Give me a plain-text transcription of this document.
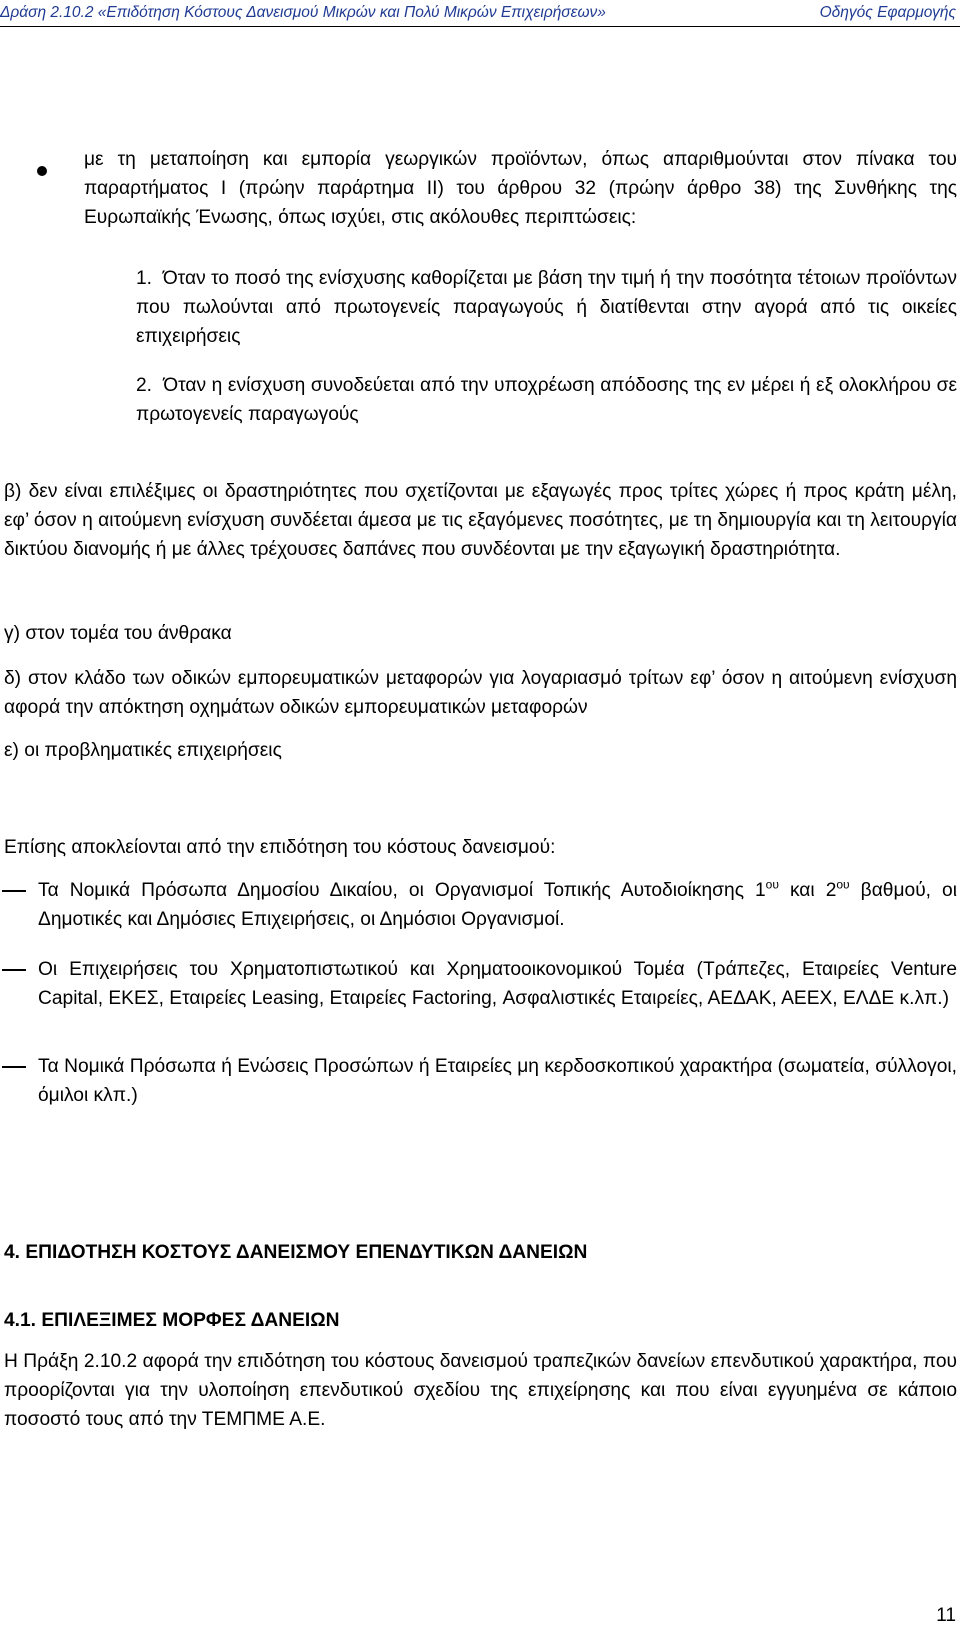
Δράση 2.10.2 «Επιδότηση Κόστους Δανεισμού Μικρών και Πολύ Μικρών Επιχειρήσεων»	Οδηγός Εφαρμογής

με τη μεταποίηση και εμπορία γεωργικών προϊόντων, όπως απαριθμούνται στον πίνακα του παραρτήματος Ι (πρώην παράρτημα ΙΙ) του άρθρου 32 (πρώην άρθρο 38) της Συνθήκης της Ευρωπαϊκής Ένωσης, όπως ισχύει, στις ακόλουθες περιπτώσεις:

1. Όταν το ποσό της ενίσχυσης καθορίζεται με βάση την τιμή ή την ποσότητα τέτοιων προϊόντων που πωλούνται από πρωτογενείς παραγωγούς ή διατίθενται στην αγορά από τις οικείες επιχειρήσεις

2. Όταν η ενίσχυση συνοδεύεται από την υποχρέωση απόδοσης της εν μέρει ή εξ ολοκλήρου σε πρωτογενείς παραγωγούς

β) δεν είναι επιλέξιμες οι δραστηριότητες που σχετίζονται με εξαγωγές προς τρίτες χώρες ή προς κράτη μέλη, εφ’ όσον η αιτούμενη ενίσχυση συνδέεται άμεσα με τις εξαγόμενες ποσότητες, με τη δημιουργία και τη λειτουργία δικτύου διανομής ή με άλλες τρέχουσες δαπάνες που συνδέονται με την εξαγωγική δραστηριότητα.

γ) στον τομέα του άνθρακα

δ) στον κλάδο των οδικών εμπορευματικών μεταφορών για λογαριασμό τρίτων εφ’ όσον η αιτούμενη ενίσχυση αφορά την απόκτηση οχημάτων οδικών εμπορευματικών μεταφορών

ε) οι προβληματικές επιχειρήσεις

Επίσης αποκλείονται από την επιδότηση του κόστους δανεισμού:

Τα Νομικά Πρόσωπα Δημοσίου Δικαίου, οι Οργανισμοί Τοπικής Αυτοδιοίκησης $1^{o\upsilon}$ και $2^{o\upsilon}$ βαθμού, οι Δημοτικές και Δημόσιες Επιχειρήσεις, οι Δημόσιοι Οργανισμοί.

Οι Επιχειρήσεις του Χρηματοπιστωτικού και Χρηματοοικονομικού Τομέα (Τράπεζες, Εταιρείες Venture Capital, ΕΚΕΣ, Εταιρείες Leasing, Εταιρείες Factoring, Ασφαλιστικές Εταιρείες, ΑΕΔΑΚ, ΑΕΕΧ, ΕΛΔΕ κ.λπ.)

Τα Νομικά Πρόσωπα ή Ενώσεις Προσώπων ή Εταιρείες μη κερδοσκοπικού χαρακτήρα (σωματεία, σύλλογοι, όμιλοι κλπ.)

4. ΕΠΙΔΟΤΗΣΗ ΚΟΣΤΟΥΣ ΔΑΝΕΙΣΜΟΥ ΕΠΕΝΔΥΤΙΚΩΝ ΔΑΝΕΙΩΝ
4.1. ΕΠΙΛΕΞΙΜΕΣ ΜΟΡΦΕΣ ΔΑΝΕΙΩΝ

Η Πράξη 2.10.2 αφορά την επιδότηση του κόστους δανεισμού τραπεζικών δανείων επενδυτικού χαρακτήρα, που προορίζονται για την υλοποίηση επενδυτικού σχεδίου της επιχείρησης και που είναι εγγυημένα σε κάποιο ποσοστό τους από την ΤΕΜΠΜΕ Α.Ε.

11
